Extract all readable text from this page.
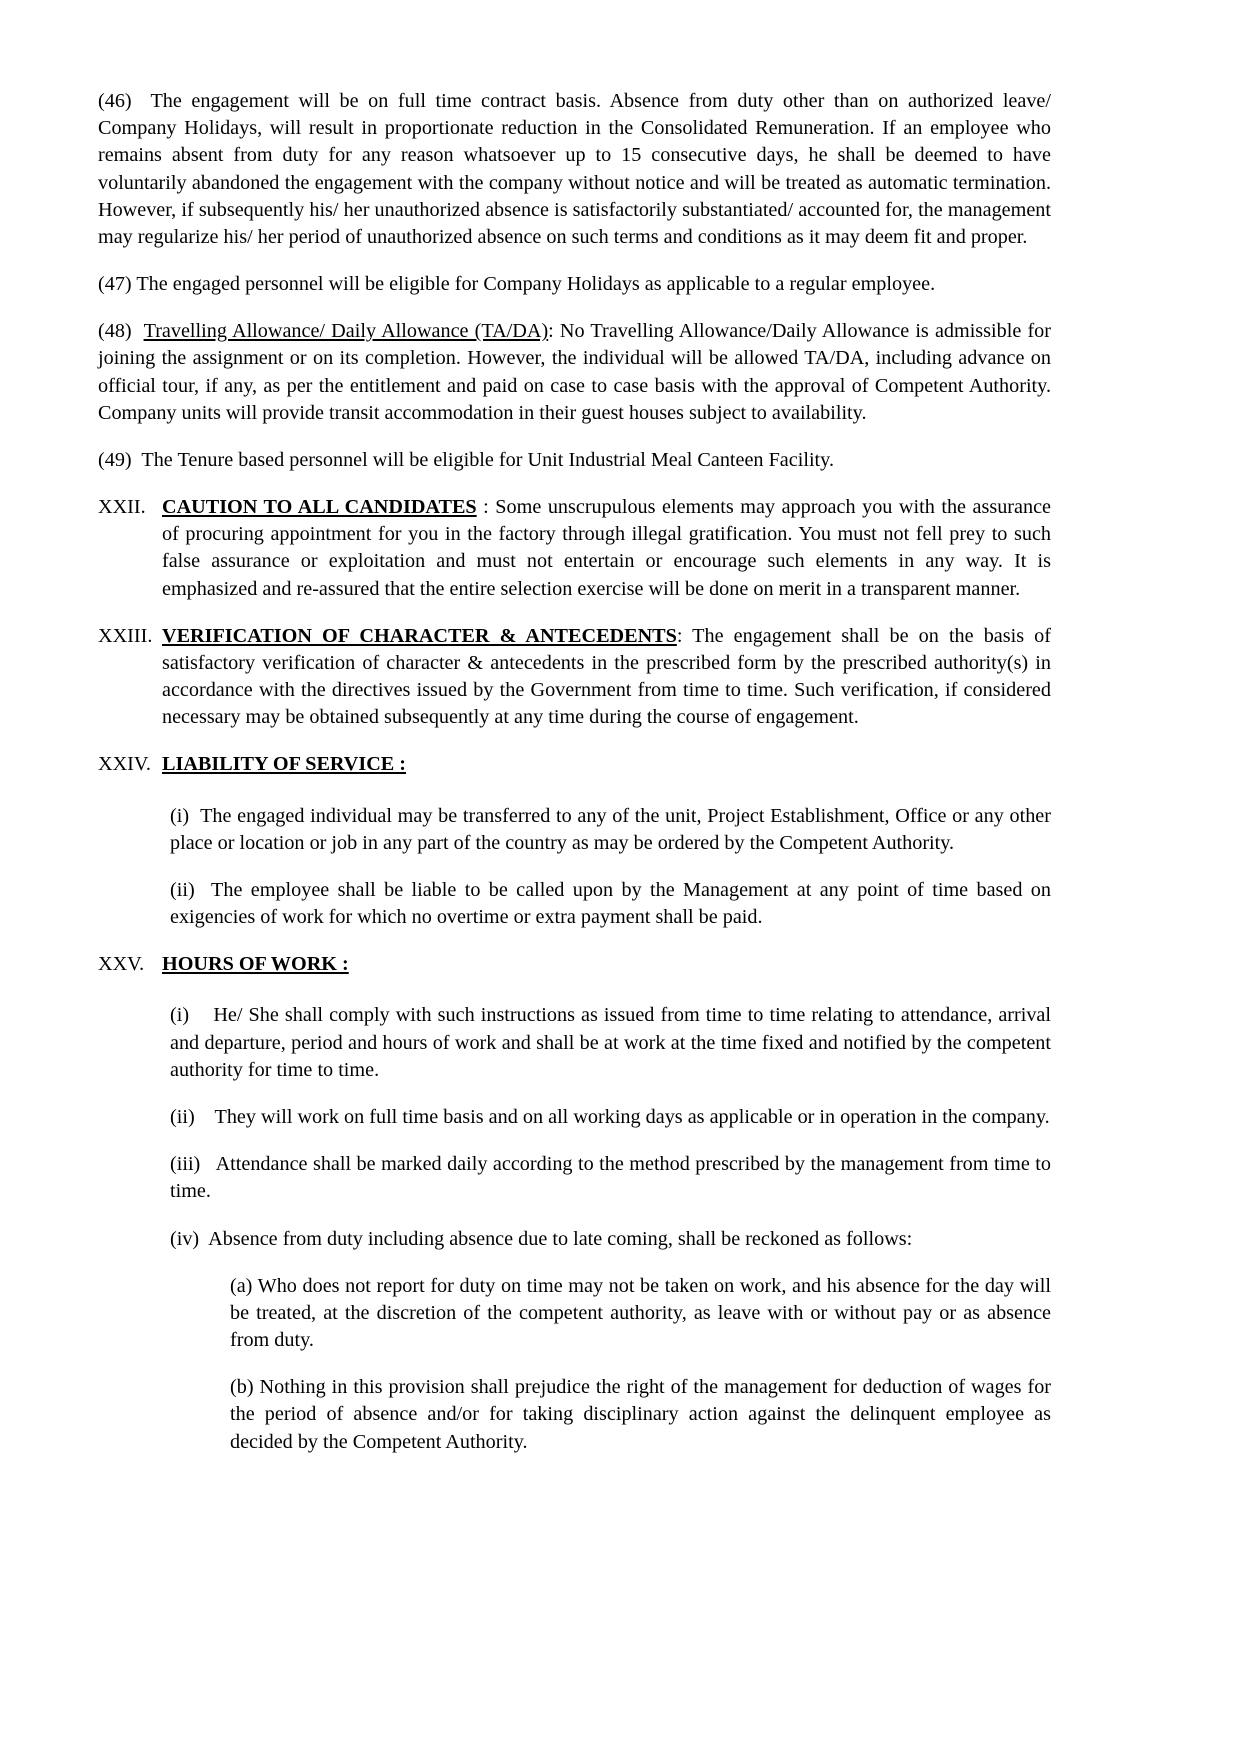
(46) The engagement will be on full time contract basis. Absence from duty other than on authorized leave/ Company Holidays, will result in proportionate reduction in the Consolidated Remuneration. If an employee who remains absent from duty for any reason whatsoever up to 15 consecutive days, he shall be deemed to have voluntarily abandoned the engagement with the company without notice and will be treated as automatic termination. However, if subsequently his/ her unauthorized absence is satisfactorily substantiated/ accounted for, the management may regularize his/ her period of unauthorized absence on such terms and conditions as it may deem fit and proper.

(47) The engaged personnel will be eligible for Company Holidays as applicable to a regular employee.

(48) Travelling Allowance/ Daily Allowance (TA/DA): No Travelling Allowance/Daily Allowance is admissible for joining the assignment or on its completion. However, the individual will be allowed TA/DA, including advance on official tour, if any, as per the entitlement and paid on case to case basis with the approval of Competent Authority. Company units will provide transit accommodation in their guest houses subject to availability.

(49) The Tenure based personnel will be eligible for Unit Industrial Meal Canteen Facility.

XXII. CAUTION TO ALL CANDIDATES : Some unscrupulous elements may approach you with the assurance of procuring appointment for you in the factory through illegal gratification. You must not fell prey to such false assurance or exploitation and must not entertain or encourage such elements in any way. It is emphasized and re-assured that the entire selection exercise will be done on merit in a transparent manner.
XXIII. VERIFICATION OF CHARACTER & ANTECEDENTS: The engagement shall be on the basis of satisfactory verification of character & antecedents in the prescribed form by the prescribed authority(s) in accordance with the directives issued by the Government from time to time. Such verification, if considered necessary may be obtained subsequently at any time during the course of engagement.
XXIV. LIABILITY OF SERVICE :

(i) The engaged individual may be transferred to any of the unit, Project Establishment, Office or any other place or location or job in any part of the country as may be ordered by the Competent Authority.

(ii) The employee shall be liable to be called upon by the Management at any point of time based on exigencies of work for which no overtime or extra payment shall be paid.

XXV. HOURS OF WORK :

(i) He/ She shall comply with such instructions as issued from time to time relating to attendance, arrival and departure, period and hours of work and shall be at work at the time fixed and notified by the competent authority for time to time.

(ii) They will work on full time basis and on all working days as applicable or in operation in the company.

(iii) Attendance shall be marked daily according to the method prescribed by the management from time to time.

(iv) Absence from duty including absence due to late coming, shall be reckoned as follows:

(a) Who does not report for duty on time may not be taken on work, and his absence for the day will be treated, at the discretion of the competent authority, as leave with or without pay or as absence from duty.

(b) Nothing in this provision shall prejudice the right of the management for deduction of wages for the period of absence and/or for taking disciplinary action against the delinquent employee as decided by the Competent Authority.
